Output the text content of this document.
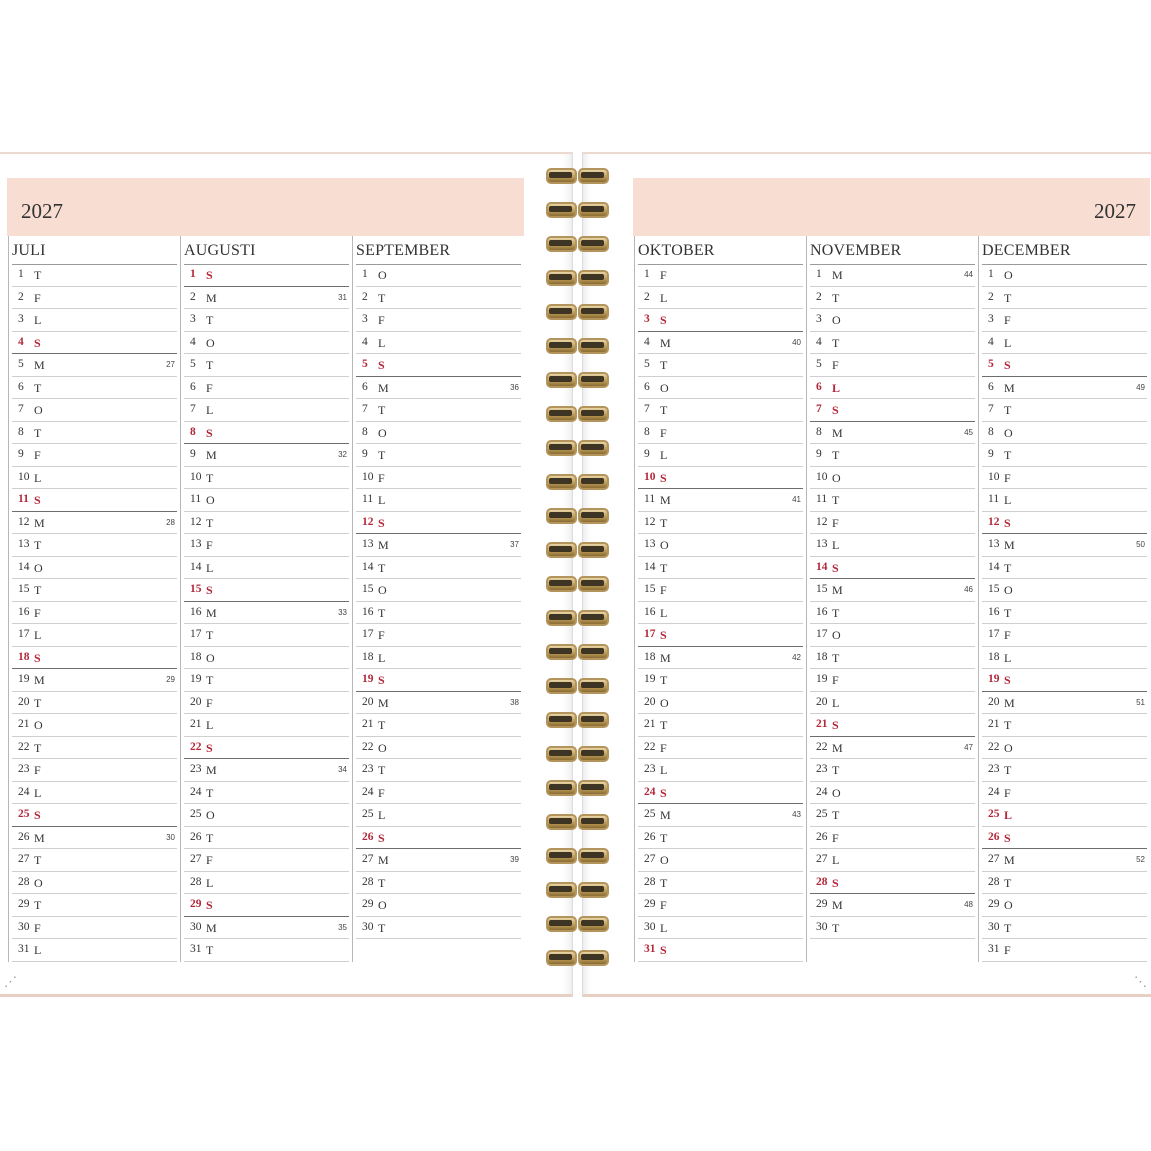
⋰	⋱
2027	2027
JULI
1 T
2 F
3 L
4 S
5 M	27
6 T
7 O
8 T
9 F
10 L
11 S
12 M	28
13 T
14 O
15 T
16 F
17 L
18 S
19 M	29
20 T
21 O
22 T
23 F
24 L
25 S
26 M	30
27 T
28 O
29 T
30 F
31 L
AUGUSTI
1 S
2 M	31
3 T
4 O
5 T
6 F
7 L
8 S
9 M	32
10 T
11 O
12 T
13 F
14 L
15 S
16 M	33
17 T
18 O
19 T
20 F
21 L
22 S
23 M	34
24 T
25 O
26 T
27 F
28 L
29 S
30 M	35
31 T
SEPTEMBER
1 O
2 T
3 F
4 L
5 S
6 M	36
7 T
8 O
9 T
10 F
11 L
12 S
13 M	37
14 T
15 O
16 T
17 F
18 L
19 S
20 M	38
21 T
22 O
23 T
24 F
25 L
26 S
27 M	39
28 T
29 O
30 T
OKTOBER
1 F
2 L
3 S
4 M	40
5 T
6 O
7 T
8 F
9 L
10 S
11 M	41
12 T
13 O
14 T
15 F
16 L
17 S
18 M	42
19 T
20 O
21 T
22 F
23 L
24 S
25 M	43
26 T
27 O
28 T
29 F
30 L
31 S
NOVEMBER
1 M	44
2 T
3 O
4 T
5 F
6 L
7 S
8 M	45
9 T
10 O
11 T
12 F
13 L
14 S
15 M	46
16 T
17 O
18 T
19 F
20 L
21 S
22 M	47
23 T
24 O
25 T
26 F
27 L
28 S
29 M	48
30 T
DECEMBER
1 O
2 T
3 F
4 L
5 S
6 M	49
7 T
8 O
9 T
10 F
11 L
12 S
13 M	50
14 T
15 O
16 T
17 F
18 L
19 S
20 M	51
21 T
22 O
23 T
24 F
25 L
26 S
27 M	52
28 T
29 O
30 T
31 F
